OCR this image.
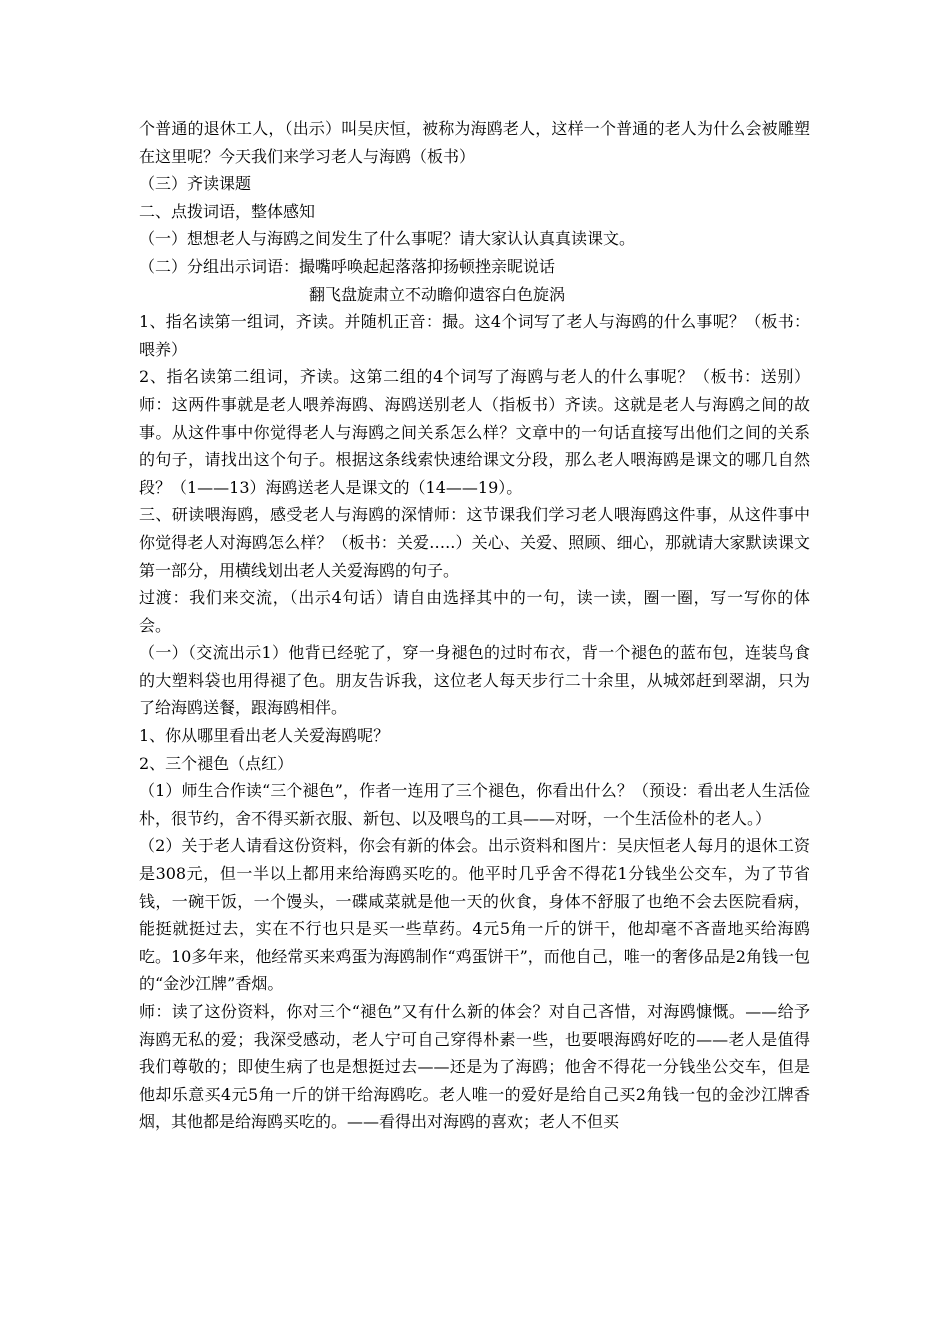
个普通的退休工人，（出示）叫吴庆恒，被称为海鸥老人，这样一个普通的老人为什么会被雕塑在这里呢？今天我们来学习老人与海鸥（板书）

（三）齐读课题

二、点拨词语，整体感知

（一）想想老人与海鸥之间发生了什么事呢？请大家认认真真读课文。

（二）分组出示词语：撮嘴呼唤起起落落抑扬顿挫亲昵说话

翻飞盘旋肃立不动瞻仰遗容白色旋涡

1、指名读第一组词，齐读。并随机正音：撮。这4个词写了老人与海鸥的什么事呢？（板书：喂养）

2、指名读第二组词，齐读。这第二组的4个词写了海鸥与老人的什么事呢？（板书：送别）师：这两件事就是老人喂养海鸥、海鸥送别老人（指板书）齐读。这就是老人与海鸥之间的故事。从这件事中你觉得老人与海鸥之间关系怎么样？文章中的一句话直接写出他们之间的关系的句子，请找出这个句子。根据这条线索快速给课文分段，那么老人喂海鸥是课文的哪几自然段？（1——13）海鸥送老人是课文的（14——19）。

三、研读喂海鸥，感受老人与海鸥的深情师：这节课我们学习老人喂海鸥这件事，从这件事中你觉得老人对海鸥怎么样？（板书：关爱…..）关心、关爱、照顾、细心，那就请大家默读课文第一部分，用横线划出老人关爱海鸥的句子。

过渡：我们来交流，（出示4句话）请自由选择其中的一句，读一读，圈一圈，写一写你的体会。

（一）（交流出示1）他背已经驼了，穿一身褪色的过时布衣，背一个褪色的蓝布包，连装鸟食的大塑料袋也用得褪了色。朋友告诉我，这位老人每天步行二十余里，从城郊赶到翠湖，只为了给海鸥送餐，跟海鸥相伴。

1、你从哪里看出老人关爱海鸥呢？

2、三个褪色（点红）

（1）师生合作读“三个褪色”，作者一连用了三个褪色，你看出什么？（预设：看出老人生活俭朴，很节约，舍不得买新衣服、新包、以及喂鸟的工具——对呀，一个生活俭朴的老人。）

（2）关于老人请看这份资料，你会有新的体会。出示资料和图片：吴庆恒老人每月的退休工资是308元，但一半以上都用来给海鸥买吃的。他平时几乎舍不得花1分钱坐公交车，为了节省钱，一碗干饭，一个馒头，一碟咸菜就是他一天的伙食，身体不舒服了也绝不会去医院看病，能挺就挺过去，实在不行也只是买一些草药。4元5角一斤的饼干，他却毫不吝啬地买给海鸥吃。10多年来，他经常买来鸡蛋为海鸥制作“鸡蛋饼干”，而他自己，唯一的奢侈品是2角钱一包的“金沙江牌”香烟。

师：读了这份资料，你对三个“褪色”又有什么新的体会？对自己吝惜，对海鸥慷慨。——给予海鸥无私的爱；我深受感动，老人宁可自己穿得朴素一些，也要喂海鸥好吃的——老人是值得我们尊敬的；即使生病了也是想挺过去——还是为了海鸥；他舍不得花一分钱坐公交车，但是他却乐意买4元5角一斤的饼干给海鸥吃。老人唯一的爱好是给自己买2角钱一包的金沙江牌香烟，其他都是给海鸥买吃的。——看得出对海鸥的喜欢；老人不但买
